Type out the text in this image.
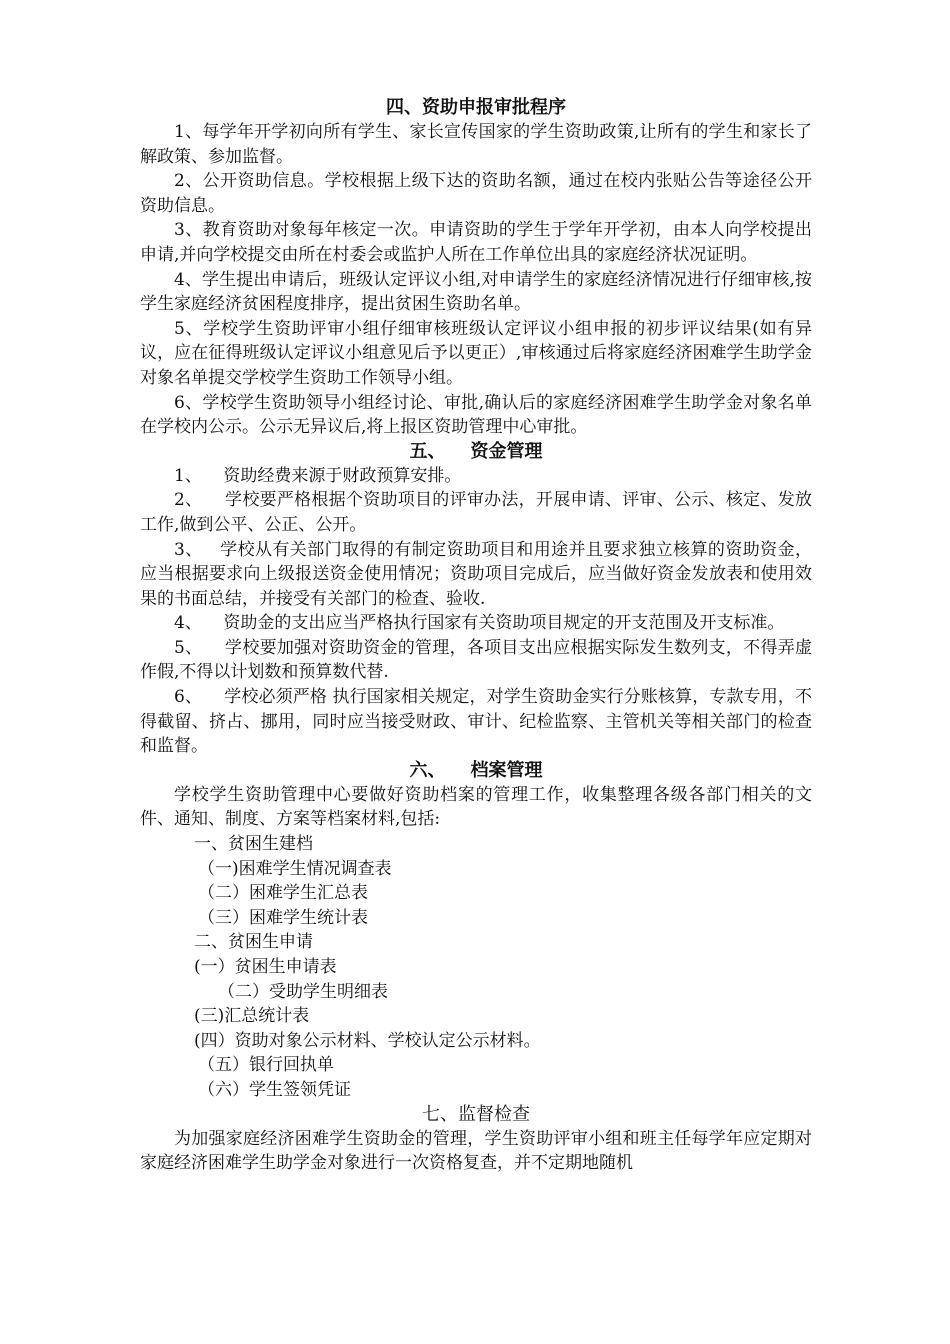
四、资助申报审批程序

1、每学年开学初向所有学生、家长宣传国家的学生资助政策,让所有的学生和家长了解政策、参加监督。

2、公开资助信息。学校根据上级下达的资助名额，通过在校内张贴公告等途径公开资助信息。

3、教育资助对象每年核定一次。申请资助的学生于学年开学初，由本人向学校提出申请,并向学校提交由所在村委会或监护人所在工作单位出具的家庭经济状况证明。

4、学生提出申请后，班级认定评议小组,对申请学生的家庭经济情况进行仔细审核,按学生家庭经济贫困程度排序，提出贫困生资助名单。

5、学校学生资助评审小组仔细审核班级认定评议小组申报的初步评议结果(如有异议，应在征得班级认定评议小组意见后予以更正）,审核通过后将家庭经济困难学生助学金对象名单提交学校学生资助工作领导小组。

6、学校学生资助领导小组经讨论、审批,确认后的家庭经济困难学生助学金对象名单在学校内公示。公示无异议后,将上报区资助管理中心审批。

五、    资金管理

1、    资助经费来源于财政预算安排。

2、    学校要严格根据个资助项目的评审办法，开展申请、评审、公示、核定、发放工作,做到公平、公正、公开。

3、   学校从有关部门取得的有制定资助项目和用途并且要求独立核算的资助资金，应当根据要求向上级报送资金使用情况；资助项目完成后，应当做好资金发放表和使用效果的书面总结，并接受有关部门的检查、验收.

4、    资助金的支出应当严格执行国家有关资助项目规定的开支范围及开支标准。

5、    学校要加强对资助资金的管理，各项目支出应根据实际发生数列支，不得弄虚作假,不得以计划数和预算数代替.

6、    学校必须严格 执行国家相关规定，对学生资助金实行分账核算，专款专用，不得截留、挤占、挪用，同时应当接受财政、审计、纪检监察、主管机关等相关部门的检查和监督。

六、    档案管理

学校学生资助管理中心要做好资助档案的管理工作，收集整理各级各部门相关的文件、通知、制度、方案等档案材料,包括:

一、贫困生建档

（一)困难学生情况调查表

（二）困难学生汇总表

（三）困难学生统计表

二、贫困生申请

(一）贫困生申请表

（二）受助学生明细表

(三)汇总统计表

(四）资助对象公示材料、学校认定公示材料。

（五）银行回执单

（六）学生签领凭证

七、监督检查

为加强家庭经济困难学生资助金的管理，学生资助评审小组和班主任每学年应定期对家庭经济困难学生助学金对象进行一次资格复查，并不定期地随机
